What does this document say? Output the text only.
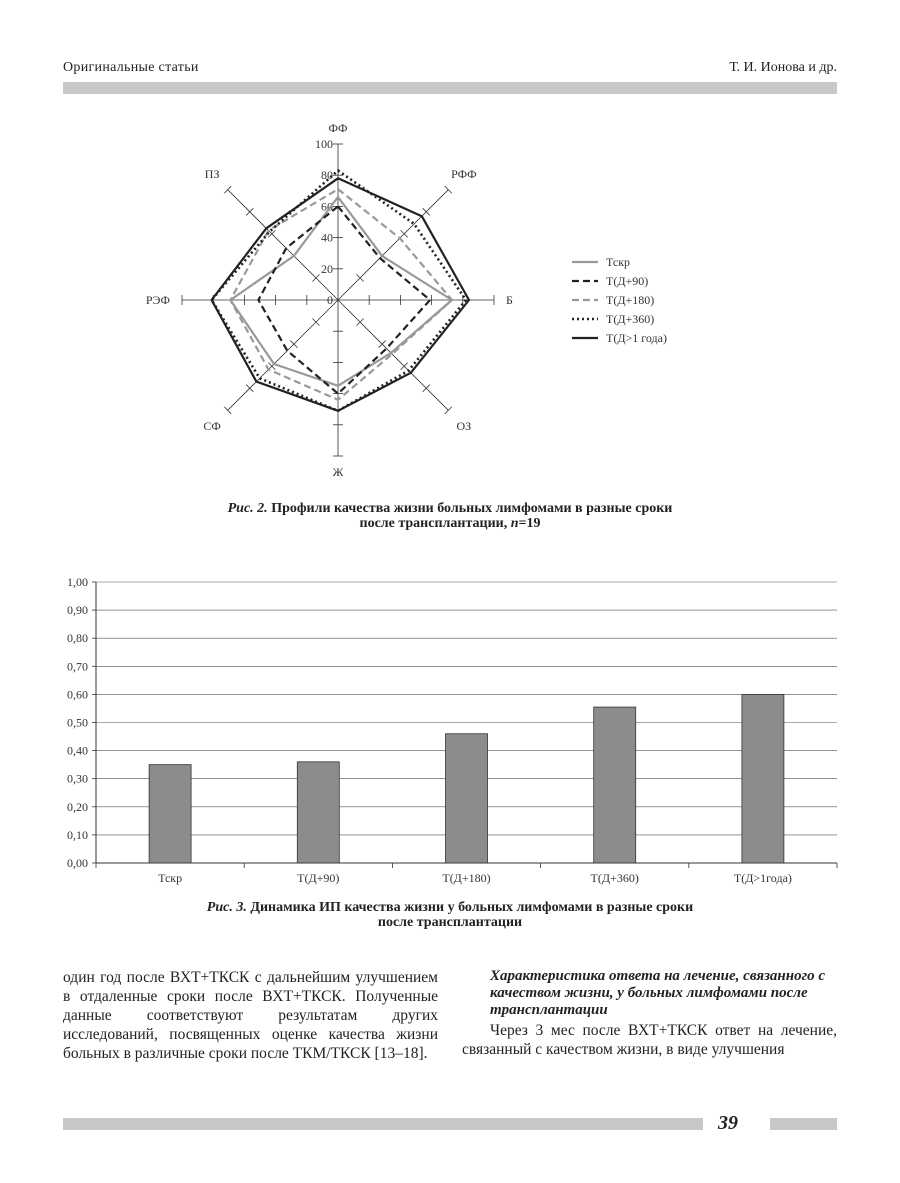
Оригинальные статьи	Т. И. Ионова и др.
0
20
40
60
80
100
ФФ
РФФ
Б
ОЗ
Ж
СФ
РЭФ
ПЗ
Тскр
Т(Д+90)
Т(Д+180)
Т(Д+360)
Т(Д>1 года)
Рис. 2. Профили качества жизни больных лимфомами в разные сроки
после трансплантации, n=19
0,00
0,10
0,20
0,30
0,40
0,50
0,60
0,70
0,80
0,90
1,00
Тскр	Т(Д+90)	Т(Д+180)	Т(Д+360)	Т(Д>1года)
Рис. 3. Динамика ИП качества жизни у больных лимфомами в разные сроки
после трансплантации
один год после ВХТ+ТКСК с дальнейшим улучшением в отдаленные сроки после ВХТ+ТКСК. Полученные данные соответствуют результатам других исследований, посвященных оценке качества жизни больных в различные сроки после ТКМ/ТКСК [13–18].

Характеристика ответа на лечение, связанного с качеством жизни, у больных лимфомами после трансплантации

Через 3 мес после ВХТ+ТКСК ответ на лечение, связанный с качеством жизни, в виде улучшения

39
